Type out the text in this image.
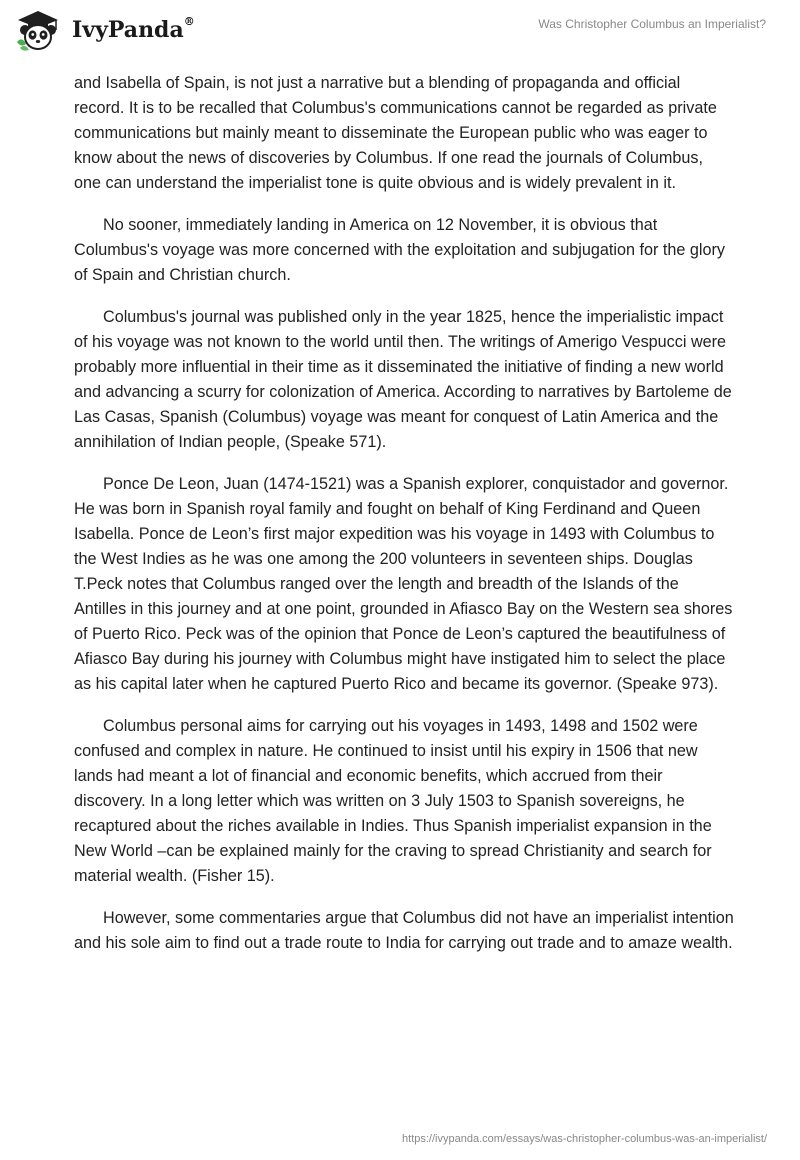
IvyPanda®	Was Christopher Columbus an Imperialist?

and Isabella of Spain, is not just a narrative but a blending of propaganda and official record. It is to be recalled that Columbus's communications cannot be regarded as private communications but mainly meant to disseminate the European public who was eager to know about the news of discoveries by Columbus. If one read the journals of Columbus, one can understand the imperialist tone is quite obvious and is widely prevalent in it.

No sooner, immediately landing in America on 12 November, it is obvious that Columbus's voyage was more concerned with the exploitation and subjugation for the glory of Spain and Christian church.

Columbus's journal was published only in the year 1825, hence the imperialistic impact of his voyage was not known to the world until then. The writings of Amerigo Vespucci were probably more influential in their time as it disseminated the initiative of finding a new world and advancing a scurry for colonization of America. According to narratives by Bartoleme de Las Casas, Spanish (Columbus) voyage was meant for conquest of Latin America and the annihilation of Indian people, (Speake 571).

Ponce De Leon, Juan (1474-1521) was a Spanish explorer, conquistador and governor. He was born in Spanish royal family and fought on behalf of King Ferdinand and Queen Isabella. Ponce de Leon’s first major expedition was his voyage in 1493 with Columbus to the West Indies as he was one among the 200 volunteers in seventeen ships. Douglas T.Peck notes that Columbus ranged over the length and breadth of the Islands of the Antilles in this journey and at one point, grounded in Afiasco Bay on the Western sea shores of Puerto Rico. Peck was of the opinion that Ponce de Leon’s captured the beautifulness of Afiasco Bay during his journey with Columbus might have instigated him to select the place as his capital later when he captured Puerto Rico and became its governor. (Speake 973).

Columbus personal aims for carrying out his voyages in 1493, 1498 and 1502 were confused and complex in nature. He continued to insist until his expiry in 1506 that new lands had meant a lot of financial and economic benefits, which accrued from their discovery. In a long letter which was written on 3 July 1503 to Spanish sovereigns, he recaptured about the riches available in Indies. Thus Spanish imperialist expansion in the New World –can be explained mainly for the craving to spread Christianity and search for material wealth. (Fisher 15).

However, some commentaries argue that Columbus did not have an imperialist intention and his sole aim to find out a trade route to India for carrying out trade and to amaze wealth.

https://ivypanda.com/essays/was-christopher-columbus-was-an-imperialist/
